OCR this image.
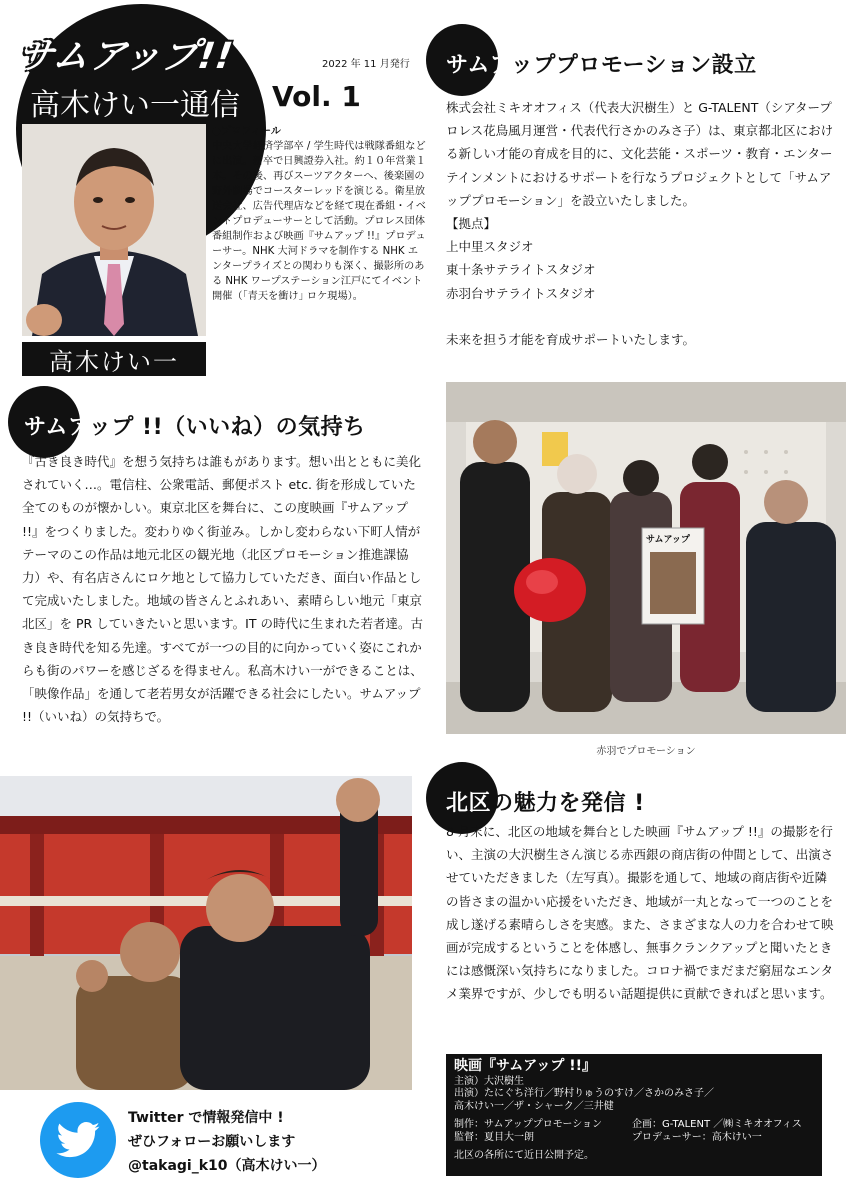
サムアップ!!	2022 年 11 月発行
高木けい一通信 Vol. 1
高木けい一
●プロフィール
中央大学経済学部卒 / 学生時代は戦隊番組などに出演。新卒で日興證券入社。約１０年営業１本。その後、再びスーツアクターへ、後楽園の野外劇場でコースターレッドを演じる。衛星放送会社、広告代理店などを経て現在番組・イベントプロデューサーとして活動。プロレス団体番組制作および映画『サムアップ !!』プロデューサー。NHK 大河ドラマを制作する NHK エンタープライズとの関わりも深く、撮影所のある NHK ワープステーション江戸にてイベント開催（｢青天を衝け｣ ロケ現場）。
サムアッププロモーション設立
株式会社ミキオオフィス（代表大沢樹生）と G-TALENT（シアタープロレス花鳥風月運営・代表代行さかのみさ子）は、東京都北区における新しい才能の育成を目的に、文化芸能・スポーツ・教育・エンターテインメントにおけるサポートを行なうプロジェクトとして「サムアッププロモーション」を設立いたしました。
【拠点】
上中里スタジオ
東十条サテライトスタジオ
赤羽台サテライトスタジオ
未来を担う才能を育成サポートいたします。
サムアップ !!（いいね）の気持ち
『古き良き時代』を想う気持ちは誰もがあります。想い出とともに美化されていく…。電信柱、公衆電話、郵便ポスト etc. 街を形成していた全てのものが懐かしい。東京北区を舞台に、この度映画『サムアップ !!』をつくりました。変わりゆく街並み。しかし変わらない下町人情がテーマのこの作品は地元北区の観光地（北区プロモーション推進課協力）や、有名店さんにロケ地として協力していただき、面白い作品として完成いたしました。地域の皆さんとふれあい、素晴らしい地元「東京北区」を PR していきたいと思います。IT の時代に生まれた若者達。古き良き時代を知る先達。すべてが一つの目的に向かっていく姿にこれからも街のパワーを感じざるを得ません。私高木けい一ができることは、「映像作品」を通して老若男女が活躍できる社会にしたい。サムアップ !!（いいね）の気持ちで。
サムアップ
赤羽でプロモーション
北区の魅力を発信 !
8 月末に、北区の地域を舞台とした映画『サムアップ !!』の撮影を行い、主演の大沢樹生さん演じる赤西銀の商店街の仲間として、出演させていただきました（左写真）。撮影を通して、地域の商店街や近隣の皆さまの温かい応援をいただき、地域が一丸となって一つのことを成し遂げる素晴らしさを実感。また、さまざまな人の力を合わせて映画が完成するということを体感し、無事クランクアップと聞いたときには感慨深い気持ちになりました。コロナ禍でまだまだ窮屈なエンタメ業界ですが、少しでも明るい話題提供に貢献できればと思います。
映画『サムアップ !!』
主演）大沢樹生
出演）たにぐち洋行／野村りゅうのすけ／さかのみさ子／
高木けい一／ザ・シャーク／三井健
制作：サムアッププロモーション	企画：G-TALENT ／㈱ミキオオフィス
監督：夏目大一朗	プロデューサー：高木けい一
北区の各所にて近日公開予定。
Twitter で情報発信中 !
ぜひフォローお願いします
@takagi_k10（高木けい一）
